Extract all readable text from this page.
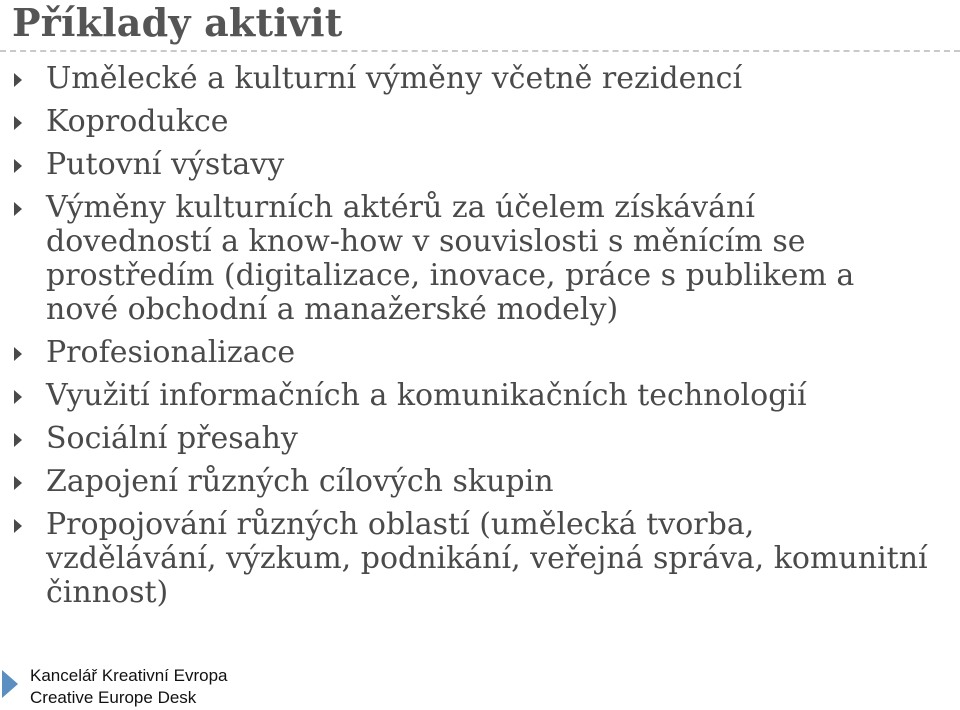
Příklady aktivit
Umělecké a kulturní výměny včetně rezidencí
Koprodukce
Putovní výstavy
Výměny kulturních aktérů za účelem získávání dovedností a know-how v souvislosti s měnícím se prostředím (digitalizace, inovace, práce s publikem a nové obchodní a manažerské modely)
Profesionalizace
Využití informačních a komunikačních technologií
Sociální přesahy
Zapojení různých cílových skupin
Propojování různých oblastí (umělecká tvorba, vzdělávání, výzkum, podnikání, veřejná správa, komunitní činnost)
Kancelář Kreativní Evropa
Creative Europe Desk
